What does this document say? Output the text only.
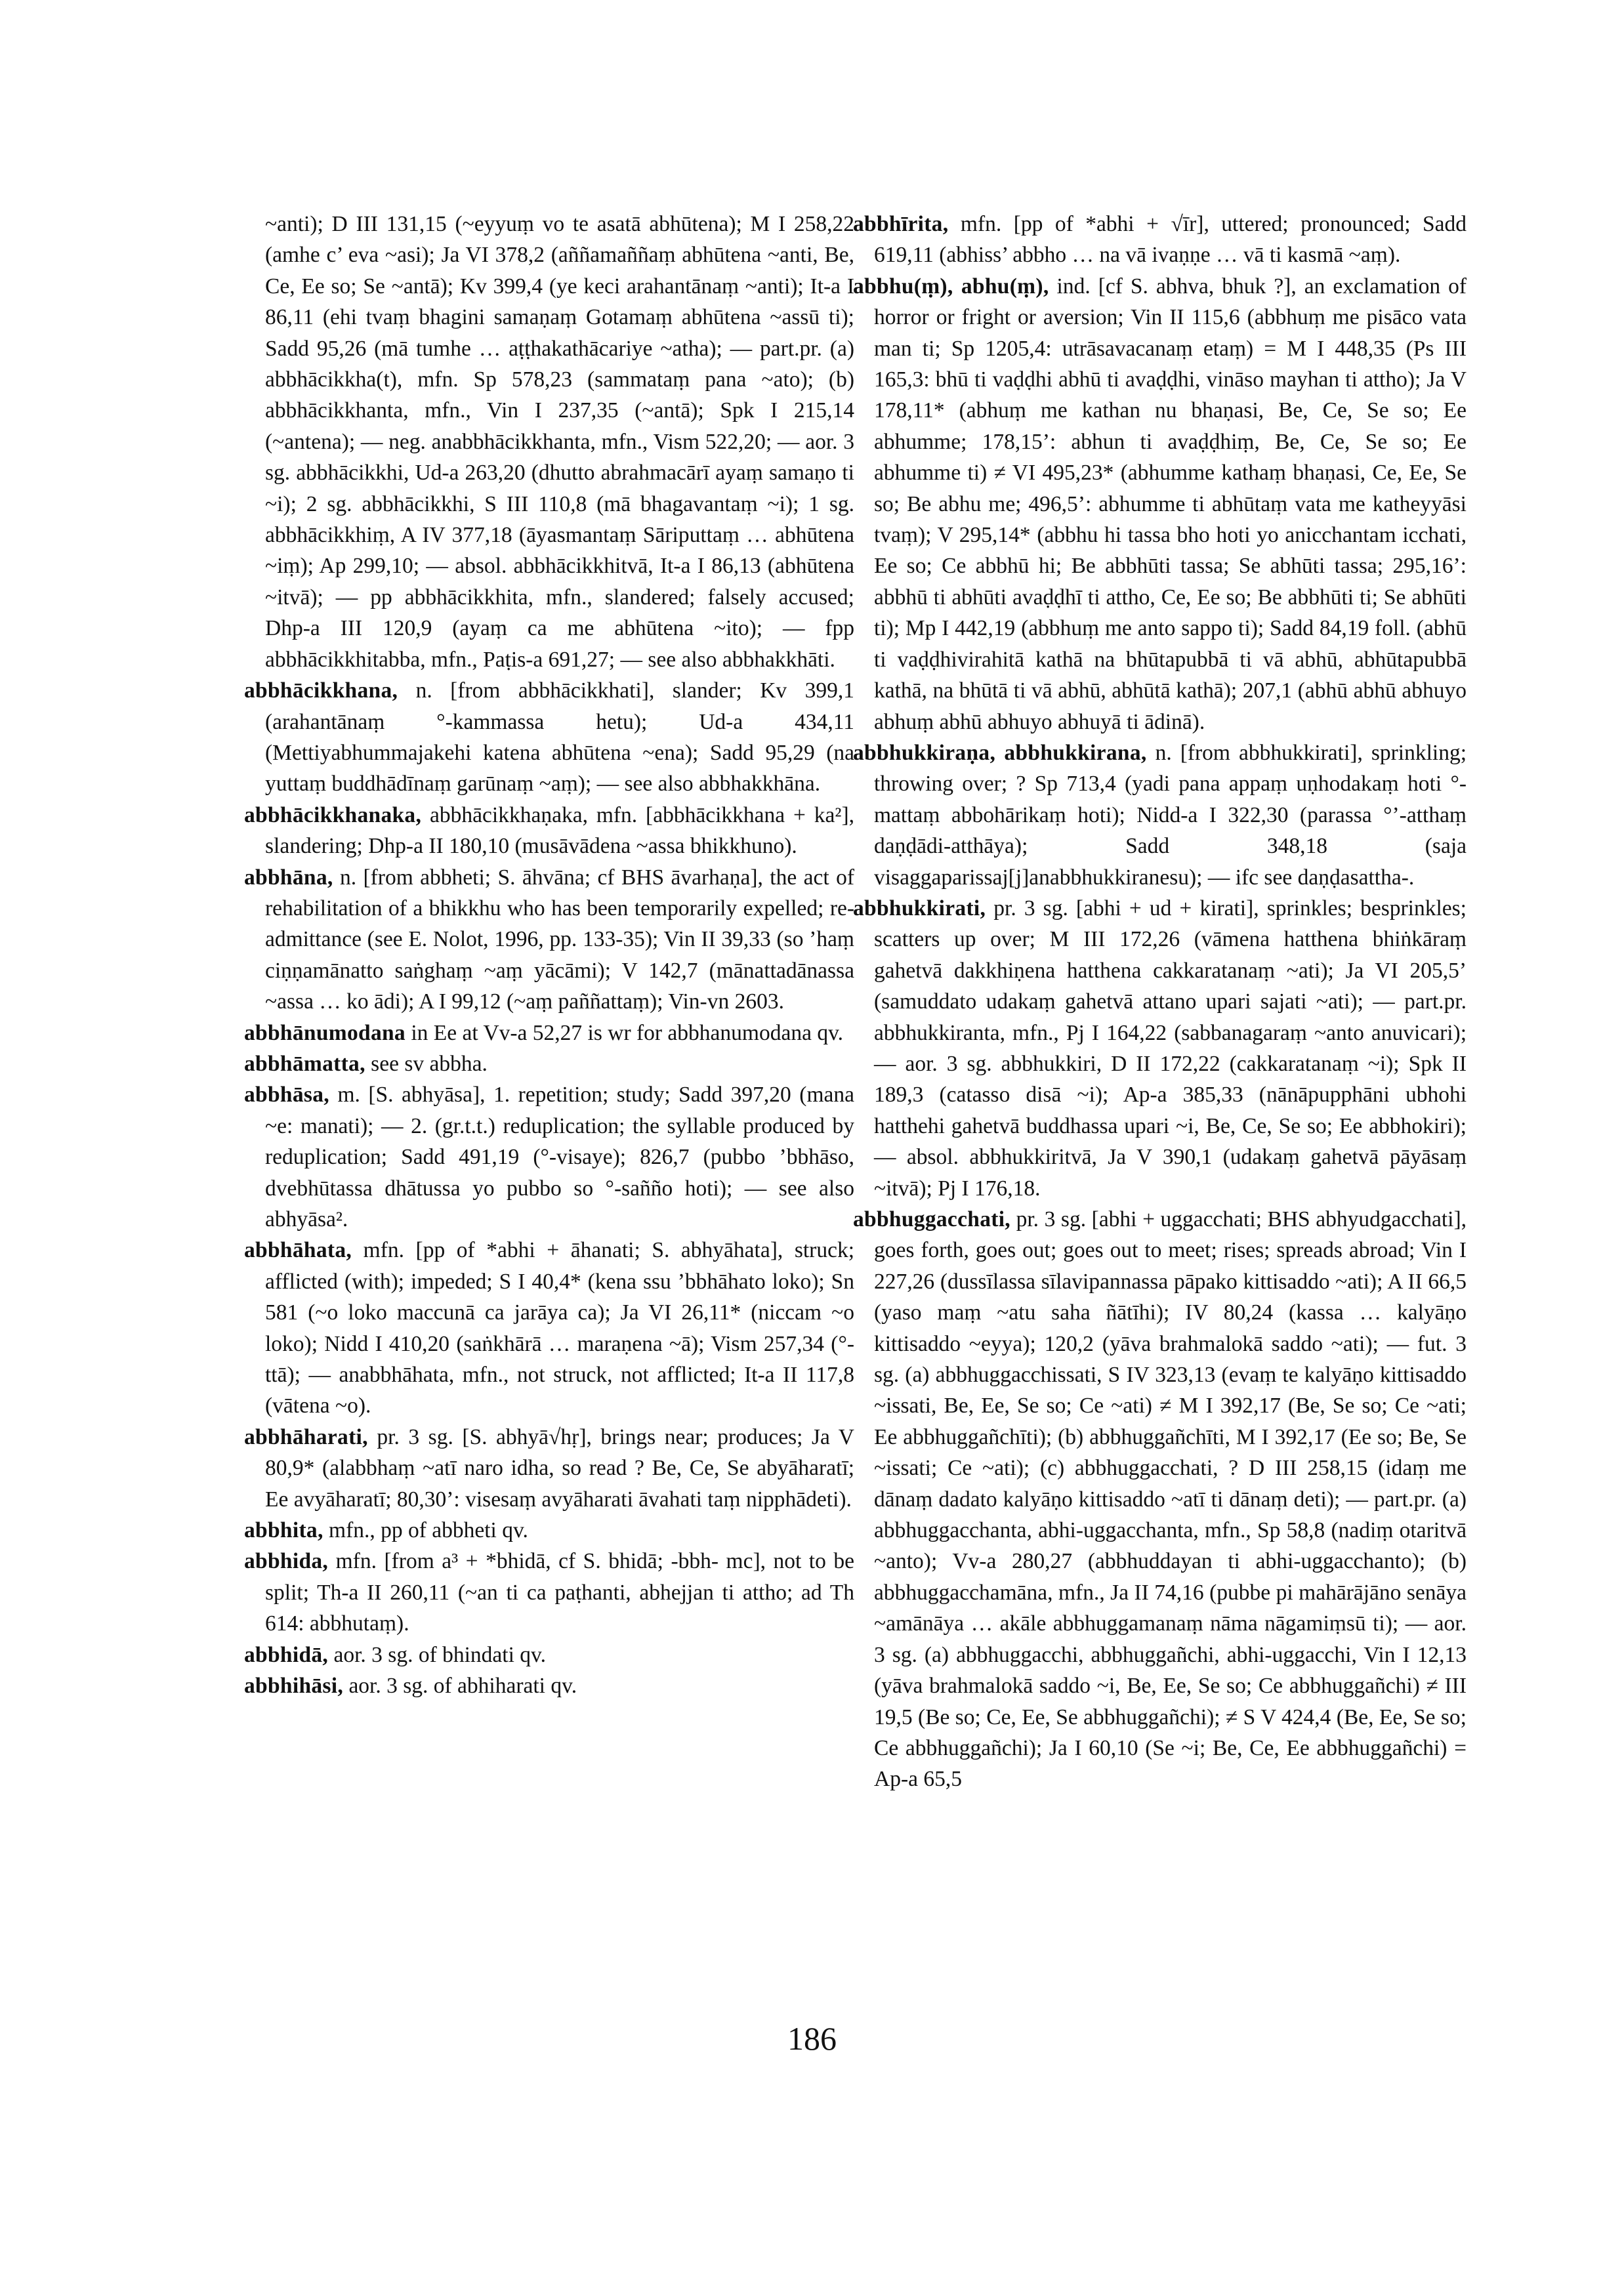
~anti); D III 131,15 (~eyyuṃ vo te asatā abhūtena); M I 258,22 (amhe c’ eva ~asi); Ja VI 378,2 (aññamaññaṃ abhūtena ~anti, Be, Ce, Ee so; Se ~antā); Kv 399,4 (ye keci arahantānaṃ ~anti); It-a I 86,11 (ehi tvaṃ bhagini samaṇaṃ Gotamaṃ abhūtena ~assū ti); Sadd 95,26 (mā tumhe … aṭṭhakathācariye ~atha); — part.pr. (a) abbhācikkha(t), mfn. Sp 578,23 (sammataṃ pana ~ato); (b) abbhācikkhanta, mfn., Vin I 237,35 (~antā); Spk I 215,14 (~antena); — neg. anabbhācikkhanta, mfn., Vism 522,20; — aor. 3 sg. abbhācikkhi, Ud-a 263,20 (dhutto abrahmacārī ayaṃ samaṇo ti ~i); 2 sg. abbhācikkhi, S III 110,8 (mā bhagavantaṃ ~i); 1 sg. abbhācikkhiṃ, A IV 377,18 (āyasmantaṃ Sāriputtaṃ … abhūtena ~iṃ); Ap 299,10; — absol. abbhācikkhitvā, It-a I 86,13 (abhūtena ~itvā); — pp abbhācikkhita, mfn., slandered; falsely accused; Dhp-a III 120,9 (ayaṃ ca me abhūtena ~ito); — fpp abbhācikkhitabba, mfn., Paṭis-a 691,27; — see also abbhakkhāti.

abbhācikkhana, n. [from abbhācikkhati], slander; Kv 399,1 (arahantānaṃ °-kammassa hetu); Ud-a 434,11 (Mettiyabhummajakehi katena abhūtena ~ena); Sadd 95,29 (na yuttaṃ buddhādīnaṃ garūnaṃ ~aṃ); — see also abbhakkhāna.

abbhācikkhanaka, abbhācikkhaṇaka, mfn. [abbhācikkhana + ka²], slandering; Dhp-a II 180,10 (musāvādena ~assa bhikkhuno).

abbhāna, n. [from abbheti; S. āhvāna; cf BHS āvarhaṇa], the act of rehabilitation of a bhikkhu who has been temporarily expelled; re-admittance (see E. Nolot, 1996, pp. 133-35); Vin II 39,33 (so ’haṃ ciṇṇamānatto saṅghaṃ ~aṃ yācāmi); V 142,7 (mānattadānassa ~assa … ko ādi); A I 99,12 (~aṃ paññattaṃ); Vin-vn 2603.

abbhānumodana in Ee at Vv-a 52,27 is wr for abbhanumodana qv.

abbhāmatta, see sv abbha.

abbhāsa, m. [S. abhyāsa], 1. repetition; study; Sadd 397,20 (mana ~e: manati); — 2. (gr.t.t.) reduplication; the syllable produced by reduplication; Sadd 491,19 (°-visaye); 826,7 (pubbo ’bbhāso, dvebhūtassa dhātussa yo pubbo so °-sañño hoti); — see also abhyāsa².

abbhāhata, mfn. [pp of *abhi + āhanati; S. abhyāhata], struck; afflicted (with); impeded; S I 40,4* (kena ssu ’bbhāhato loko); Sn 581 (~o loko maccunā ca jarāya ca); Ja VI 26,11* (niccam ~o loko); Nidd I 410,20 (saṅkhārā … maraṇena ~ā); Vism 257,34 (°-ttā); — anabbhāhata, mfn., not struck, not afflicted; It-a II 117,8 (vātena ~o).

abbhāharati, pr. 3 sg. [S. abhyā√hṛ], brings near; produces; Ja V 80,9* (alabbhaṃ ~atī naro idha, so read ? Be, Ce, Se abyāharatī; Ee avyāharatī; 80,30’: visesaṃ avyāharati āvahati taṃ nipphādeti).

abbhita, mfn., pp of abbheti qv.

abbhida, mfn. [from a³ + *bhidā, cf S. bhidā; -bbh- mc], not to be split; Th-a II 260,11 (~an ti ca paṭhanti, abhejjan ti attho; ad Th 614: abbhutaṃ).

abbhidā, aor. 3 sg. of bhindati qv.

abbhihāsi, aor. 3 sg. of abhiharati qv.

abbhīrita, mfn. [pp of *abhi + √īr], uttered; pronounced; Sadd 619,11 (abhiss’ abbho … na vā ivaṇṇe … vā ti kasmā ~aṃ).

abbhu(ṃ), abhu(ṃ), ind. [cf S. abhva, bhuk ?], an exclamation of horror or fright or aversion; Vin II 115,6 (abbhuṃ me pisāco vata man ti; Sp 1205,4: utrāsavacanaṃ etaṃ) = M I 448,35 (Ps III 165,3: bhū ti vaḍḍhi abhū ti avaḍḍhi, vināso mayhan ti attho); Ja V 178,11* (abhuṃ me kathan nu bhaṇasi, Be, Ce, Se so; Ee abhumme; 178,15’: abhun ti avaḍḍhiṃ, Be, Ce, Se so; Ee abhumme ti) ≠ VI 495,23* (abhumme kathaṃ bhaṇasi, Ce, Ee, Se so; Be abhu me; 496,5’: abhumme ti abhūtaṃ vata me katheyyāsi tvaṃ); V 295,14* (abbhu hi tassa bho hoti yo anicchantam icchati, Ee so; Ce abbhū hi; Be abbhūti tassa; Se abhūti tassa; 295,16’: abbhū ti abhūti avaḍḍhī ti attho, Ce, Ee so; Be abbhūti ti; Se abhūti ti); Mp I 442,19 (abbhuṃ me anto sappo ti); Sadd 84,19 foll. (abhū ti vaḍḍhivirahitā kathā na bhūtapubbā ti vā abhū, abhūtapubbā kathā, na bhūtā ti vā abhū, abhūtā kathā); 207,1 (abhū abhū abhuyo abhuṃ abhū abhuyo abhuyā ti ādinā).

abbhukkiraṇa, abbhukkirana, n. [from abbhukkirati], sprinkling; throwing over; ? Sp 713,4 (yadi pana appaṃ uṇhodakaṃ hoti °-mattaṃ abbohārikaṃ hoti); Nidd-a I 322,30 (parassa °’-atthaṃ daṇḍādi-atthāya); Sadd 348,18 (saja visaggaparissaj[j]anabbhukkiranesu); — ifc see daṇḍasattha-.

abbhukkirati, pr. 3 sg. [abhi + ud + kirati], sprinkles; besprinkles; scatters up over; M III 172,26 (vāmena hatthena bhiṅkāraṃ gahetvā dakkhiṇena hatthena cakkaratanaṃ ~ati); Ja VI 205,5’ (samuddato udakaṃ gahetvā attano upari sajati ~ati); — part.pr. abbhukkiranta, mfn., Pj I 164,22 (sabbanagaraṃ ~anto anuvicari); — aor. 3 sg. abbhukkiri, D II 172,22 (cakkaratanaṃ ~i); Spk II 189,3 (catasso disā ~i); Ap-a 385,33 (nānāpupphāni ubhohi hatthehi gahetvā buddhassa upari ~i, Be, Ce, Se so; Ee abbhokiri); — absol. abbhukkiritvā, Ja V 390,1 (udakaṃ gahetvā pāyāsaṃ ~itvā); Pj I 176,18.

abbhuggacchati, pr. 3 sg. [abhi + uggacchati; BHS abhyudgacchati], goes forth, goes out; goes out to meet; rises; spreads abroad; Vin I 227,26 (dussīlassa sīlavipannassa pāpako kittisaddo ~ati); A II 66,5 (yaso maṃ ~atu saha ñātīhi); IV 80,24 (kassa … kalyāṇo kittisaddo ~eyya); 120,2 (yāva brahmalokā saddo ~ati); — fut. 3 sg. (a) abbhuggacchissati, S IV 323,13 (evaṃ te kalyāṇo kittisaddo ~issati, Be, Ee, Se so; Ce ~ati) ≠ M I 392,17 (Be, Se so; Ce ~ati; Ee abbhuggañchīti); (b) abbhuggañchīti, M I 392,17 (Ee so; Be, Se ~issati; Ce ~ati); (c) abbhuggacchati, ? D III 258,15 (idaṃ me dānaṃ dadato kalyāṇo kittisaddo ~atī ti dānaṃ deti); — part.pr. (a) abbhuggacchanta, abhi-uggacchanta, mfn., Sp 58,8 (nadiṃ otaritvā ~anto); Vv-a 280,27 (abbhuddayan ti abhi-uggacchanto); (b) abbhuggacchamāna, mfn., Ja II 74,16 (pubbe pi mahārājāno senāya ~amānāya … akāle abbhuggamanaṃ nāma nāgamiṃsū ti); — aor. 3 sg. (a) abbhuggacchi, abbhuggañchi, abhi-uggacchi, Vin I 12,13 (yāva brahmalokā saddo ~i, Be, Ee, Se so; Ce abbhuggañchi) ≠ III 19,5 (Be so; Ce, Ee, Se abbhuggañchi); ≠ S V 424,4 (Be, Ee, Se so; Ce abbhuggañchi); Ja I 60,10 (Se ~i; Be, Ce, Ee abbhuggañchi) = Ap-a 65,5

186
